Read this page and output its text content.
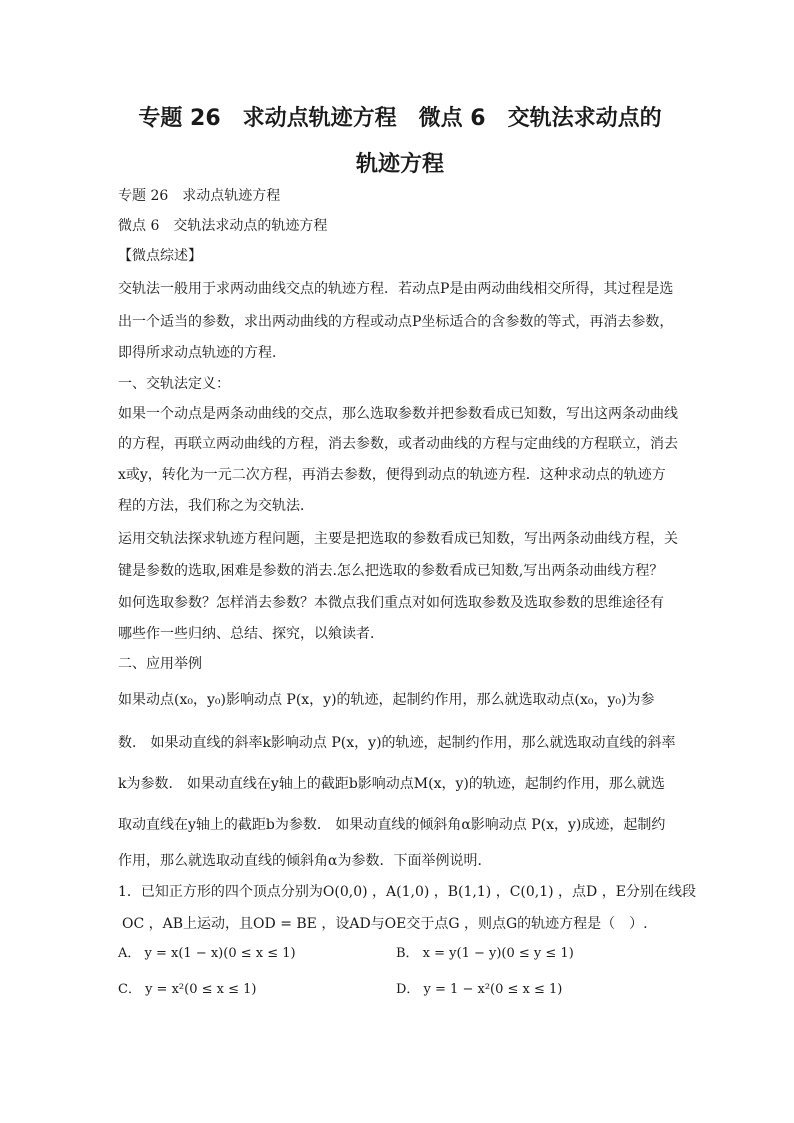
专题 26　求动点轨迹方程　微点 6　交轨法求动点的
轨迹方程
专题 26　求动点轨迹方程
微点 6　交轨法求动点的轨迹方程
【微点综述】
交轨法一般用于求两动曲线交点的轨迹方程．若动点P是由两动曲线相交所得，其过程是选
出一个适当的参数，求出两动曲线的方程或动点P坐标适合的含参数的等式，再消去参数，
即得所求动点轨迹的方程．
一、交轨法定义：
如果一个动点是两条动曲线的交点，那么选取参数并把参数看成已知数，写出这两条动曲线
的方程，再联立两动曲线的方程，消去参数，或者动曲线的方程与定曲线的方程联立，消去
x或y，转化为一元二次方程，再消去参数，便得到动点的轨迹方程．这种求动点的轨迹方
程的方法，我们称之为交轨法．
运用交轨法探求轨迹方程问题，主要是把选取的参数看成已知数，写出两条动曲线方程，关
键是参数的选取,困难是参数的消去.怎么把选取的参数看成已知数,写出两条动曲线方程？
如何选取参数？怎样消去参数？本微点我们重点对如何选取参数及选取参数的思维途径有
哪些作一些归纳、总结、探究，以飨读者．
二、应用举例
如果动点(x₀，y₀)影响动点 P(x，y)的轨迹，起制约作用，那么就选取动点(x₀，y₀)为参
数． 如果动直线的斜率k影响动点 P(x，y)的轨迹，起制约作用，那么就选取动直线的斜率
k为参数． 如果动直线在y轴上的截距b影响动点M(x，y)的轨迹，起制约作用，那么就选
取动直线在y轴上的截距b为参数． 如果动直线的倾斜角α影响动点 P(x，y)成迹，起制约
作用，那么就选取动直线的倾斜角α为参数．下面举例说明．
1．已知正方形的四个顶点分别为O(0,0) ，A(1,0) ，B(1,1) ，C(0,1) ，点D ，E分别在线段
OC ，AB上运动，且OD = BE ，设AD与OE交于点G ，则点G的轨迹方程是（　）.
A． y = x(1 − x)(0 ≤ x ≤ 1)	B． x = y(1 − y)(0 ≤ y ≤ 1)
C． y = x²(0 ≤ x ≤ 1)	D． y = 1 − x²(0 ≤ x ≤ 1)
